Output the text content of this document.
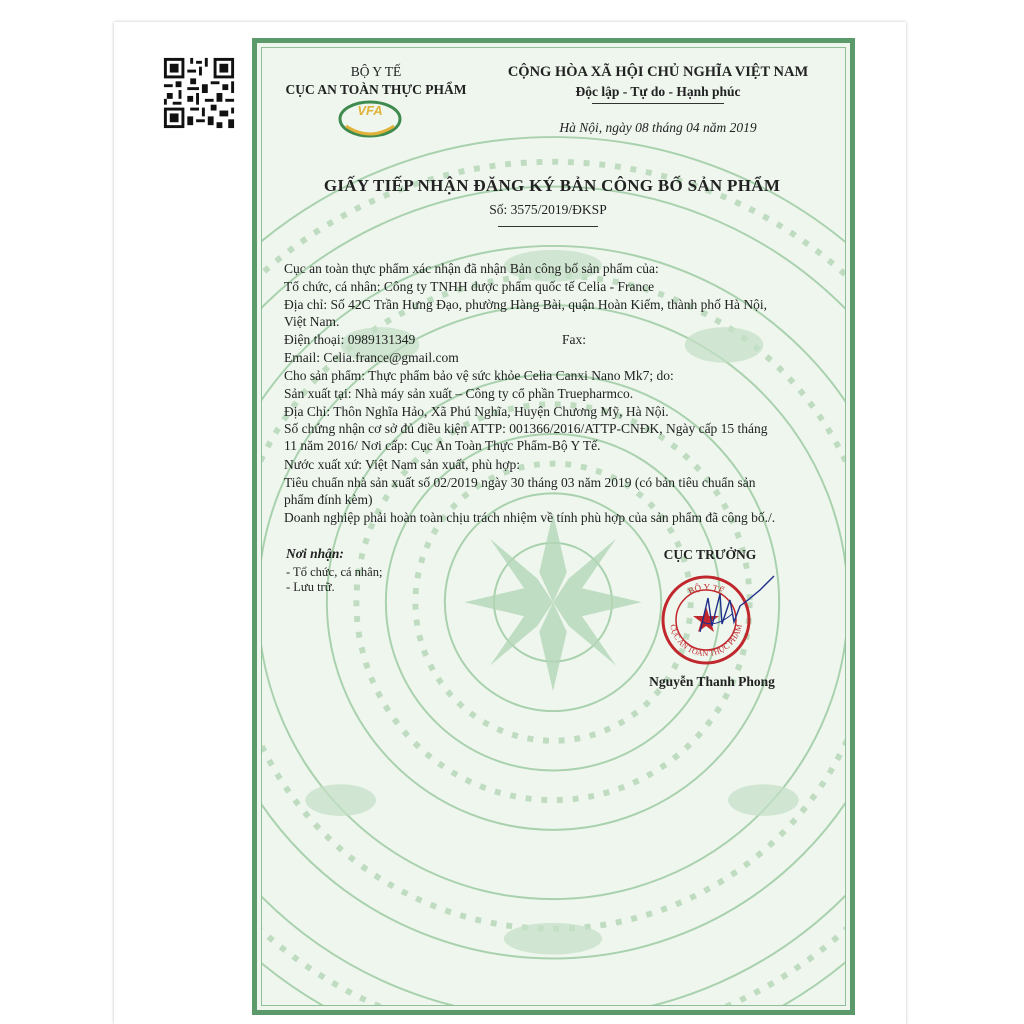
BỘ Y TẾ
CỤC AN TOÀN THỰC PHẨM
VFA
CỘNG HÒA XÃ HỘI CHỦ NGHĨA VIỆT NAM
Độc lập - Tự do - Hạnh phúc
Hà Nội, ngày 08 tháng 04 năm 2019
GIẤY TIẾP NHẬN ĐĂNG KÝ BẢN CÔNG BỐ SẢN PHẨM
Số: 3575/2019/ĐKSP
Cục an toàn thực phẩm xác nhận đã nhận Bản công bố sản phẩm của:
Tổ chức, cá nhân: Công ty TNHH dược phẩm quốc tế Celia - France
Địa chỉ: Số 42C Trần Hưng Đạo, phường Hàng Bài, quận Hoàn Kiếm, thành phố Hà Nội,
Việt Nam.
Điện thoại: 0989131349	Fax:
Email: Celia.france@gmail.com
Cho sản phẩm: Thực phẩm bảo vệ sức khỏe Celia Canxi Nano Mk7; do:
Sản xuất tại: Nhà máy sản xuất – Công ty cổ phần Truepharmco.
Địa Chỉ: Thôn Nghĩa Hảo, Xã Phú Nghĩa, Huyện Chương Mỹ, Hà Nội.
Số chứng nhận cơ sở đủ điều kiện ATTP: 001366/2016/ATTP-CNĐK, Ngày cấp 15 tháng
11 năm 2016/ Nơi cấp: Cục An Toàn Thực Phẩm-Bộ Y Tế.
Nước xuất xứ: Việt Nam sản xuất, phù hợp:
Tiêu chuẩn nhà sản xuất số 02/2019 ngày 30 tháng 03 năm 2019 (có bản tiêu chuẩn sản
phẩm đính kèm)
Doanh nghiệp phải hoàn toàn chịu trách nhiệm về tính phù hợp của sản phẩm đã công bố./.
Nơi nhận:
- Tổ chức, cá nhân;
- Lưu trữ.
CỤC TRƯỞNG
BỘ Y TẾ
CỤC AN TOÀN THỰC PHẨM
Nguyễn Thanh Phong
